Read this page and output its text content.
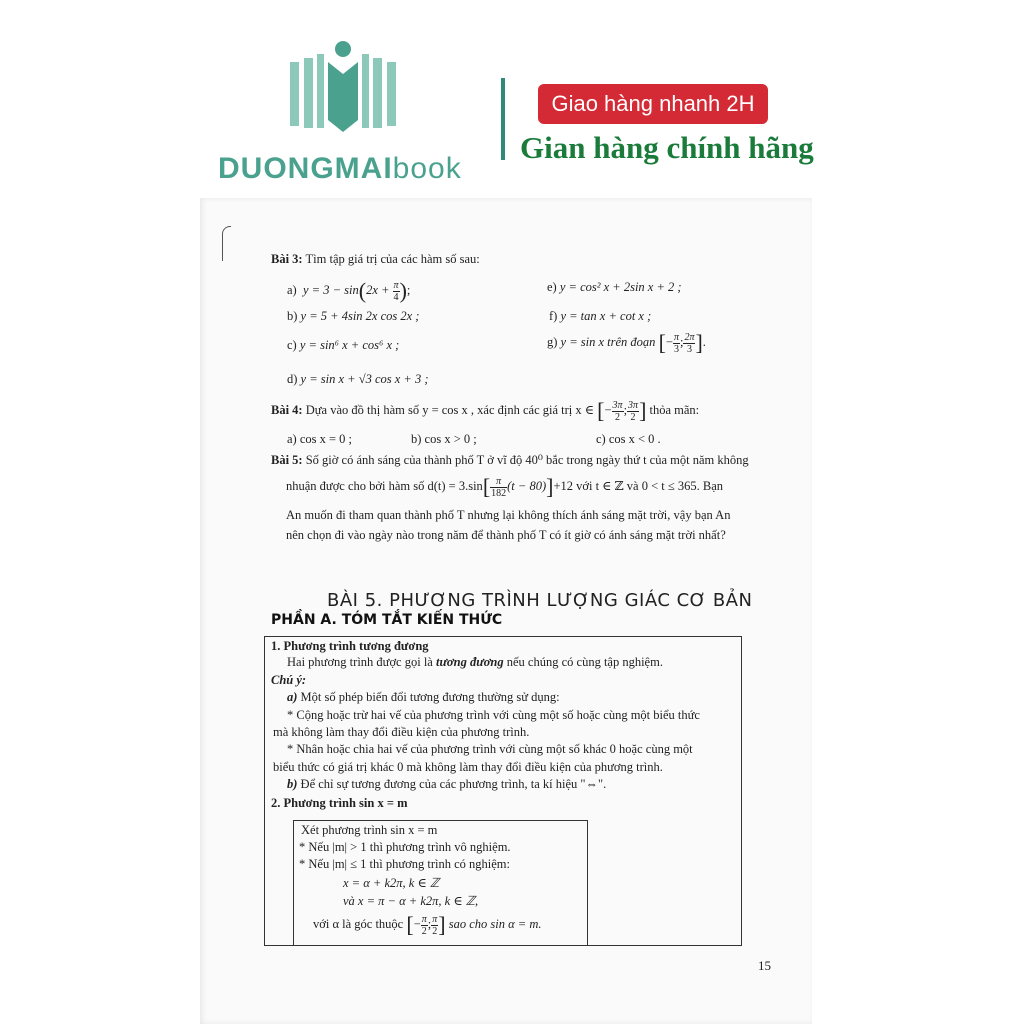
DUONGMAIbook
Giao hàng nhanh 2H
Gian hàng chính hãng
Bài 3: Tìm tập giá trị của các hàm số sau:
a) $y = 3 - \sin(2x + \frac{\pi}{4}$ );	e) y = cos² x + 2sin x + 2 ;
b) y = 5 + 4sin 2x cos 2x ;	f) y = tan x + cot x ;
c) y = sin⁶ x + cos⁶ x ;	g) y = sin x trên đoạn [− $\frac{\pi}{3}$ ; $\frac{2\pi}{3}$ ].
d) y = sin x + √3 cos x + 3 ;
Bài 4: Dựa vào đồ thị hàm số y = cos x , xác định các giá trị x ∈ [− $\frac{3\pi}{2}$ ; $\frac{3\pi}{2}$ ] thỏa mãn:
a) cos x = 0 ;	b) cos x > 0 ;	c) cos x < 0 .
Bài 5: Số giờ có ánh sáng của thành phố T ở vĩ độ 40⁰ bắc trong ngày thứ t của một năm không
nhuận được cho bởi hàm số $d(t) = 3.\sin[ \frac{\pi}{182} (t - 80)]+12$ với t ∈ ℤ và 0 < t ≤ 365. Bạn
An muốn đi tham quan thành phố T nhưng lại không thích ánh sáng mặt trời, vậy bạn An
nên chọn đi vào ngày nào trong năm để thành phố T có ít giờ có ánh sáng mặt trời nhất?
BÀI 5. PHƯƠNG TRÌNH LƯỢNG GIÁC CƠ BẢN
PHẦN A. TÓM TẮT KIẾN THỨC
1. Phương trình tương đương
Hai phương trình được gọi là tương đương nếu chúng có cùng tập nghiệm.
Chú ý:
a) Một số phép biến đổi tương đương thường sử dụng:
* Cộng hoặc trừ hai vế của phương trình với cùng một số hoặc cùng một biểu thức
mà không làm thay đổi điều kiện của phương trình.
* Nhân hoặc chia hai vế của phương trình với cùng một số khác 0 hoặc cùng một
biểu thức có giá trị khác 0 mà không làm thay đổi điều kiện của phương trình.
b) Để chỉ sự tương đương của các phương trình, ta kí hiệu "⇔".
2. Phương trình sin x = m
Xét phương trình sin x = m
* Nếu |m| > 1 thì phương trình vô nghiệm.
* Nếu |m| ≤ 1 thì phương trình có nghiệm:
x = α + k2π, k ∈ ℤ
và x = π − α + k2π, k ∈ ℤ,
với α là góc thuộc [− $\frac{\pi}{2}$ ; $\frac{\pi}{2}$ ] sao cho sin α = m.
15
